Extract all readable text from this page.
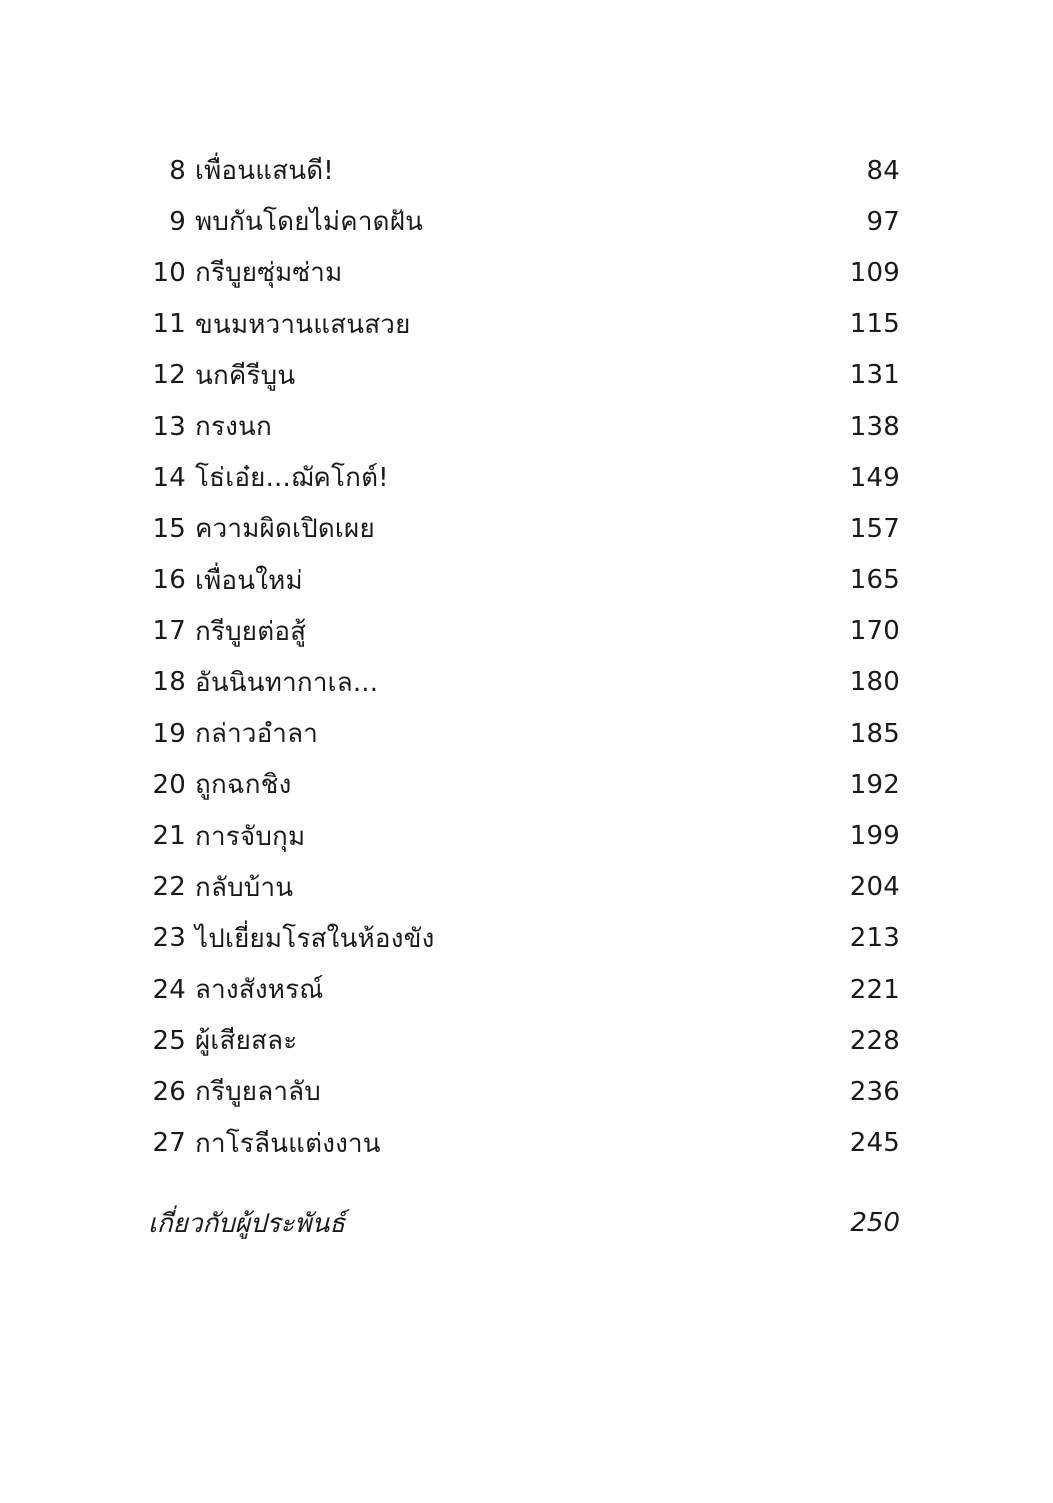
8 เพื่อนแสนดี!	84
9 พบกันโดยไม่คาดฝัน	97
10 กรีบูยซุ่มซ่าม	109
11 ขนมหวานแสนสวย	115
12 นกคีรีบูน	131
13 กรงนก	138
14 โธ่เอ๋ย...ฌัคโกต์!	149
15 ความผิดเปิดเผย	157
16 เพื่อนใหม่	165
17 กรีบูยต่อสู้	170
18 อันนินทากาเล...	180
19 กล่าวอำลา	185
20 ถูกฉกชิง	192
21 การจับกุม	199
22 กลับบ้าน	204
23 ไปเยี่ยมโรสในห้องขัง	213
24 ลางสังหรณ์	221
25 ผู้เสียสละ	228
26 กรีบูยลาลับ	236
27 กาโรลีนแต่งงาน	245
เกี่ยวกับผู้ประพันธ์	250
